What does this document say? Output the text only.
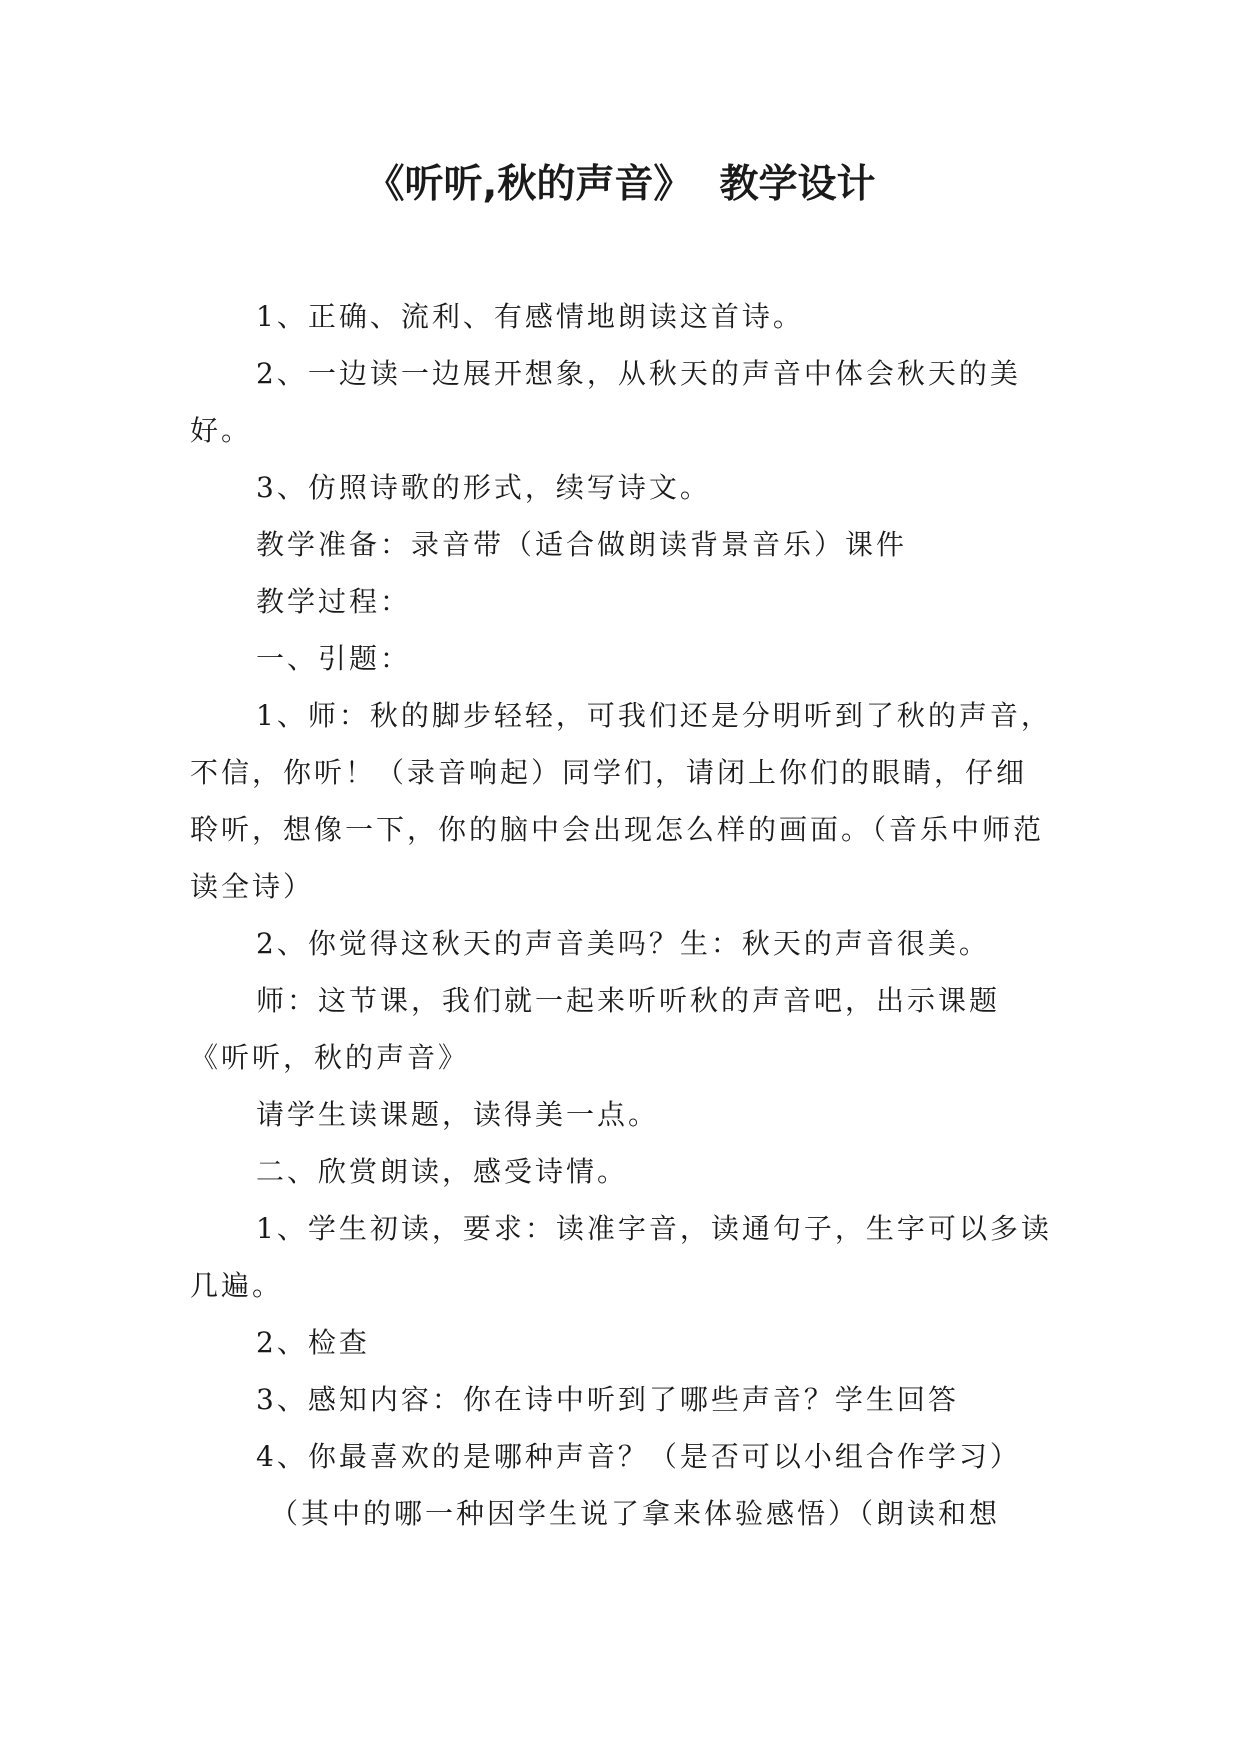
《听听,秋的声音》  教学设计

1、正确、流利、有感情地朗读这首诗。

2、一边读一边展开想象，从秋天的声音中体会秋天的美好。

3、仿照诗歌的形式，续写诗文。

教学准备：录音带（适合做朗读背景音乐）课件

教学过程：

一、引题：

1、师：秋的脚步轻轻，可我们还是分明听到了秋的声音，不信，你听！（录音响起）同学们，请闭上你们的眼睛，仔细聆听，想像一下，你的脑中会出现怎么样的画面。（音乐中师范读全诗）

2、你觉得这秋天的声音美吗？生：秋天的声音很美。

师：这节课，我们就一起来听听秋的声音吧，出示课题《听听，秋的声音》

请学生读课题，读得美一点。

二、欣赏朗读，感受诗情。

1、学生初读，要求：读准字音，读通句子，生字可以多读几遍。

2、检查

3、感知内容：你在诗中听到了哪些声音？学生回答

4、你最喜欢的是哪种声音？（是否可以小组合作学习）

（其中的哪一种因学生说了拿来体验感悟）（朗读和想
